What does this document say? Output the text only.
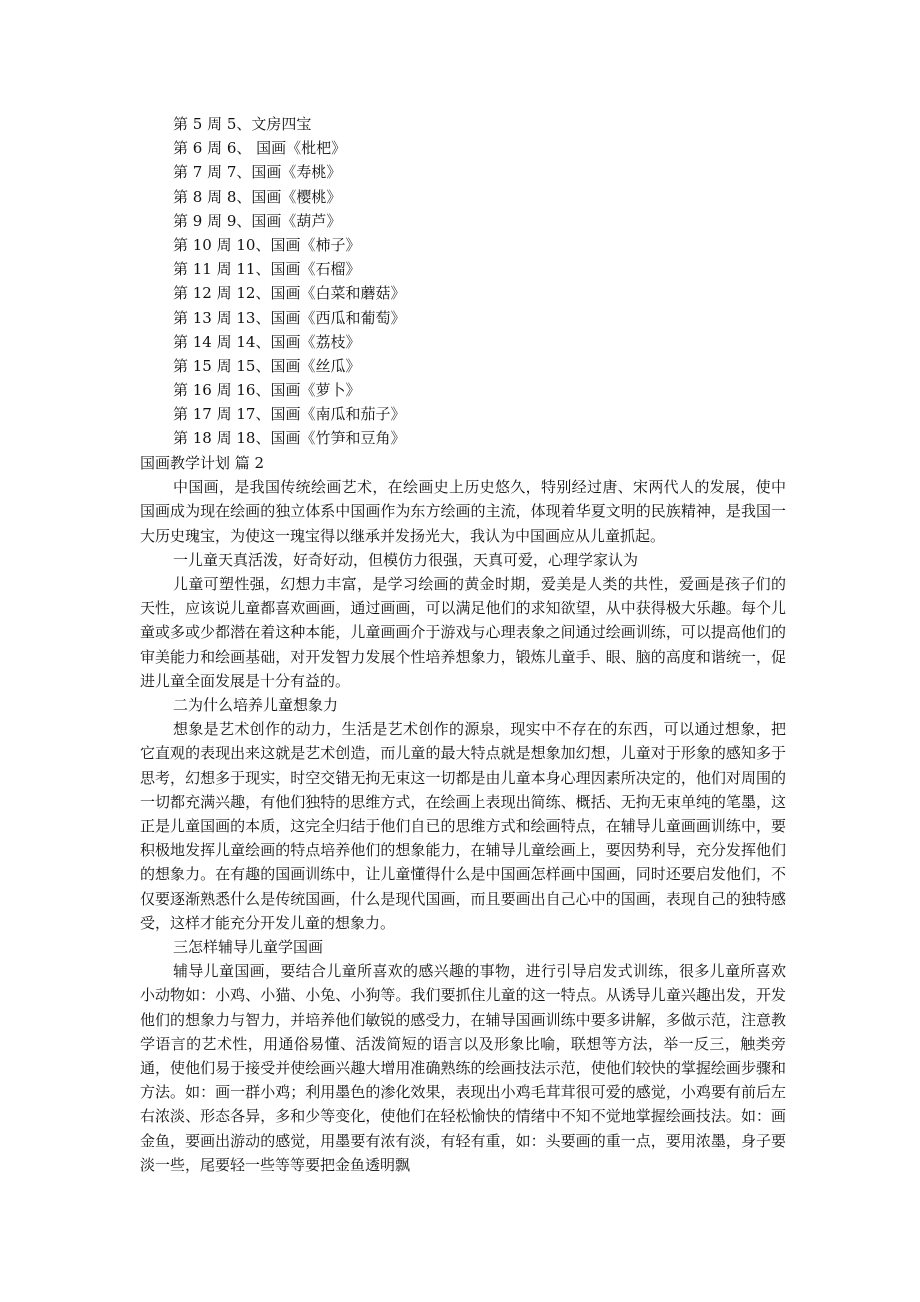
第 5 周 5、文房四宝
第 6 周 6、 国画《枇杷》
第 7 周 7、国画《寿桃》
第 8 周 8、国画《樱桃》
第 9 周 9、国画《葫芦》
第 10 周 10、国画《柿子》
第 11 周 11、国画《石榴》
第 12 周 12、国画《白菜和蘑菇》
第 13 周 13、国画《西瓜和葡萄》
第 14 周 14、国画《荔枝》
第 15 周 15、国画《丝瓜》
第 16 周 16、国画《萝卜》
第 17 周 17、国画《南瓜和茄子》
第 18 周 18、国画《竹笋和豆角》

国画教学计划 篇 2

中国画，是我国传统绘画艺术，在绘画史上历史悠久，特别经过唐、宋两代人的发展，使中国画成为现在绘画的独立体系中国画作为东方绘画的主流，体现着华夏文明的民族精神，是我国一大历史瑰宝，为使这一瑰宝得以继承并发扬光大，我认为中国画应从儿童抓起。

一儿童天真活泼，好奇好动，但模仿力很强，天真可爱，心理学家认为

儿童可塑性强，幻想力丰富，是学习绘画的黄金时期，爱美是人类的共性，爱画是孩子们的天性，应该说儿童都喜欢画画，通过画画，可以满足他们的求知欲望，从中获得极大乐趣。每个儿童或多或少都潜在着这种本能，儿童画画介于游戏与心理表象之间通过绘画训练，可以提高他们的审美能力和绘画基础，对开发智力发展个性培养想象力，锻炼儿童手、眼、脑的高度和谐统一，促进儿童全面发展是十分有益的。

二为什么培养儿童想象力

想象是艺术创作的动力，生活是艺术创作的源泉，现实中不存在的东西，可以通过想象，把它直观的表现出来这就是艺术创造，而儿童的最大特点就是想象加幻想，儿童对于形象的感知多于思考，幻想多于现实，时空交错无拘无束这一切都是由儿童本身心理因素所决定的，他们对周围的一切都充满兴趣，有他们独特的思维方式，在绘画上表现出简练、概括、无拘无束单纯的笔墨，这正是儿童国画的本质，这完全归结于他们自已的思维方式和绘画特点，在辅导儿童画画训练中，要积极地发挥儿童绘画的特点培养他们的想象能力，在辅导儿童绘画上，要因势利导，充分发挥他们的想象力。在有趣的国画训练中，让儿童懂得什么是中国画怎样画中国画，同时还要启发他们，不仅要逐渐熟悉什么是传统国画，什么是现代国画，而且要画出自己心中的国画，表现自己的独特感受，这样才能充分开发儿童的想象力。

三怎样辅导儿童学国画

辅导儿童国画，要结合儿童所喜欢的感兴趣的事物，进行引导启发式训练，很多儿童所喜欢小动物如：小鸡、小猫、小兔、小狗等。我们要抓住儿童的这一特点。从诱导儿童兴趣出发，开发他们的想象力与智力，并培养他们敏锐的感受力，在辅导国画训练中要多讲解，多做示范，注意教学语言的艺术性，用通俗易懂、活泼简短的语言以及形象比喻，联想等方法，举一反三，触类旁通，使他们易于接受并使绘画兴趣大增用准确熟练的绘画技法示范，使他们较快的掌握绘画步骤和方法。如：画一群小鸡；利用墨色的渗化效果，表现出小鸡毛茸茸很可爱的感觉，小鸡要有前后左右浓淡、形态各异，多和少等变化，使他们在轻松愉快的情绪中不知不觉地掌握绘画技法。如：画金鱼，要画出游动的感觉，用墨要有浓有淡，有轻有重，如：头要画的重一点，要用浓墨，身子要淡一些，尾要轻一些等等要把金鱼透明飘
